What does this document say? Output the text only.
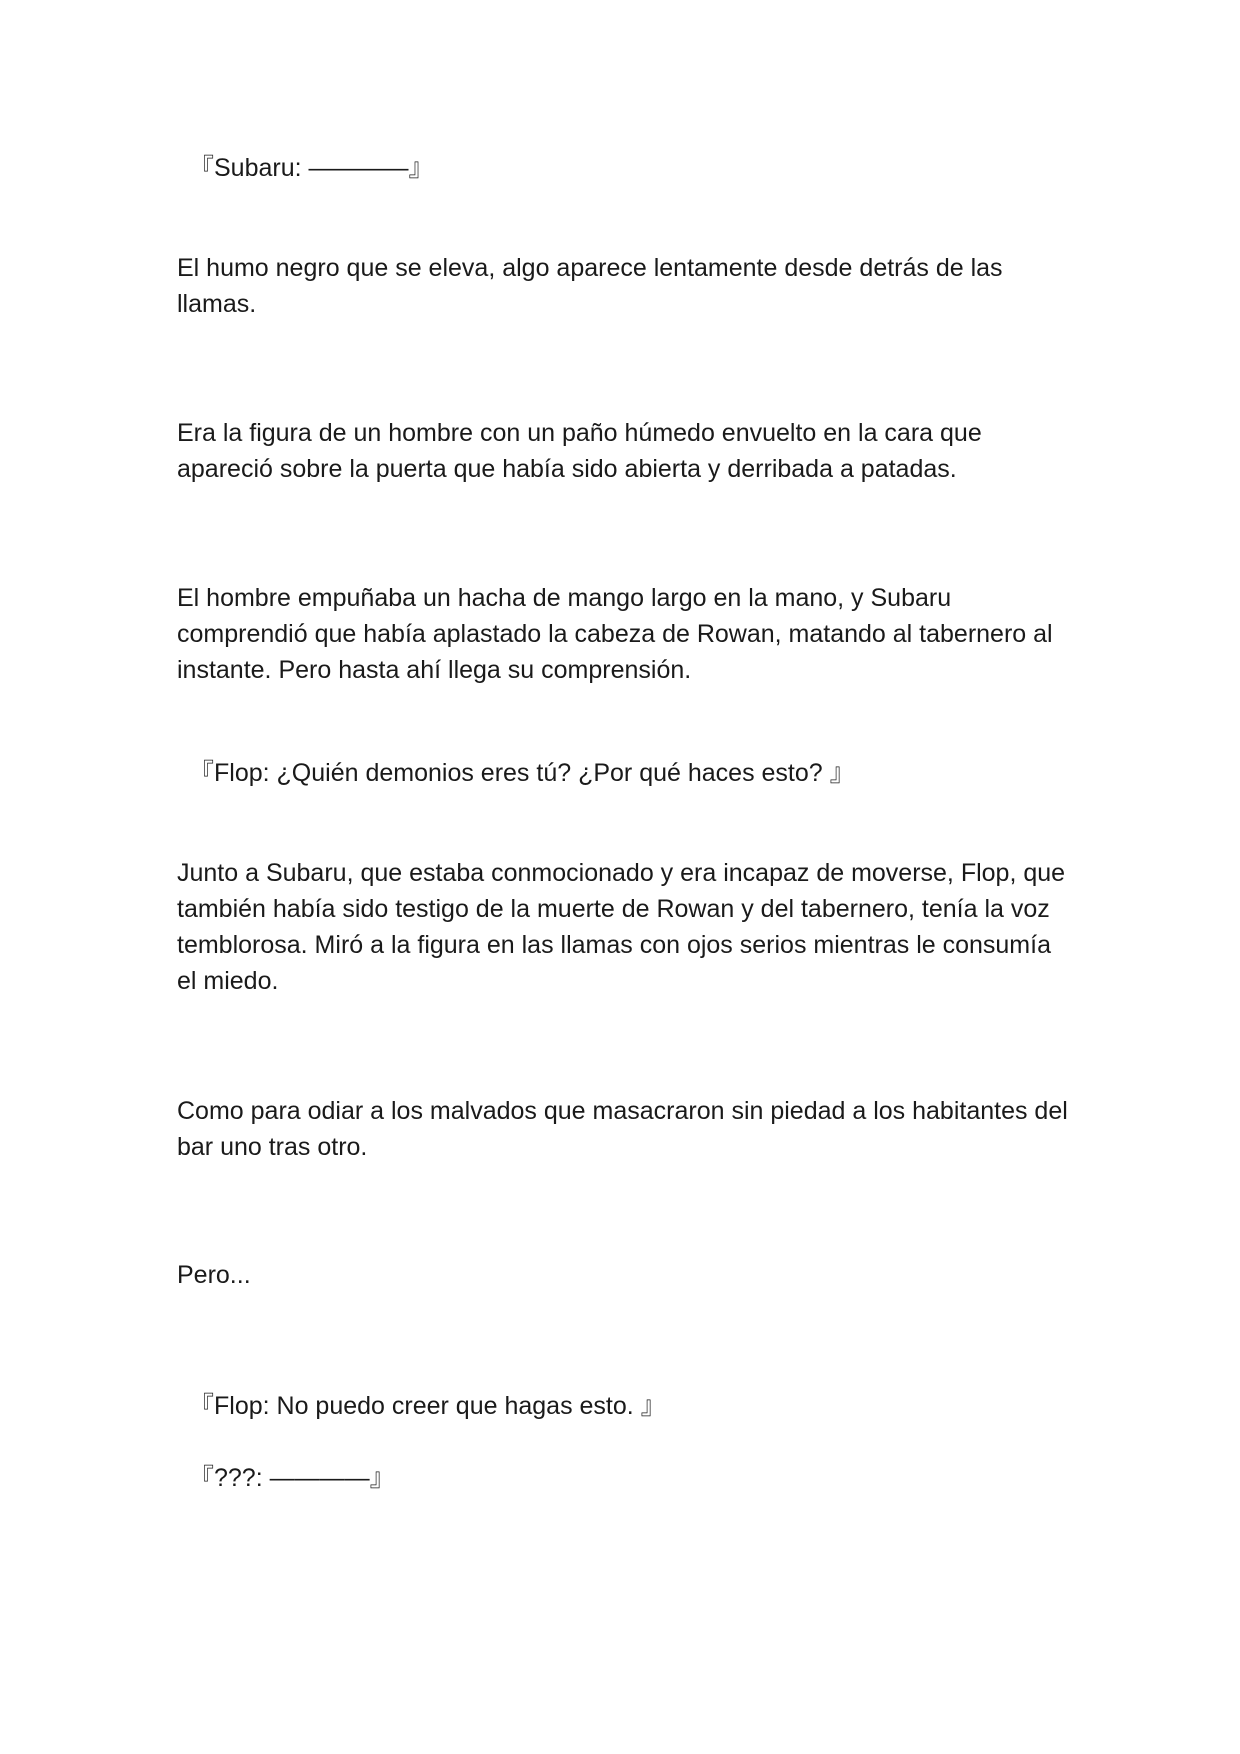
『Subaru: ————』

El humo negro que se eleva, algo aparece lentamente desde detrás de las llamas.

Era la figura de un hombre con un paño húmedo envuelto en la cara que apareció sobre la puerta que había sido abierta y derribada a patadas.

El hombre empuñaba un hacha de mango largo en la mano, y Subaru comprendió que había aplastado la cabeza de Rowan, matando al tabernero al instante. Pero hasta ahí llega su comprensión.

『Flop: ¿Quién demonios eres tú? ¿Por qué haces esto? 』

Junto a Subaru, que estaba conmocionado y era incapaz de moverse, Flop, que también había sido testigo de la muerte de Rowan y del tabernero, tenía la voz temblorosa. Miró a la figura en las llamas con ojos serios mientras le consumía el miedo.

Como para odiar a los malvados que masacraron sin piedad a los habitantes del bar uno tras otro.

Pero...

『Flop: No puedo creer que hagas esto. 』

『???: ————』
